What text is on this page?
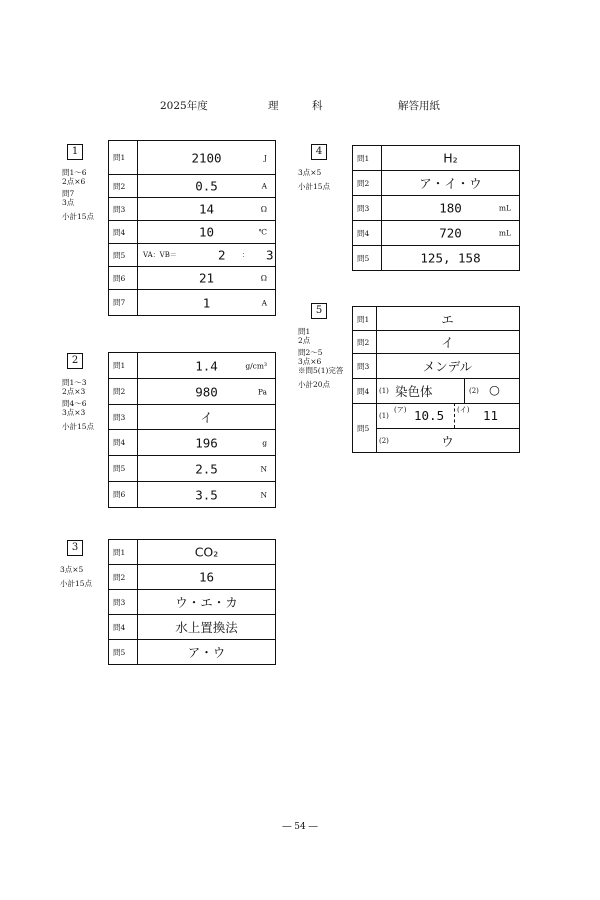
2025年度	理	科	解答用紙
1
問1～6
2点×6
問7
3点
小計15点
問1	2100 J

問2	0.5 A

問3	14 Ω

問4	10 ℃

問5	VA：VB＝ 2 ： 3

問6	21 Ω

問7	1 A
2
問1～3
2点×3
問4～6
3点×3
小計15点
問1	1.4 g/cm³

問2	980 Pa

問3	イ

問4	196 g

問5	2.5 N

問6	3.5 N
3
3点×5
小計15点
問1	CO₂

問2	16

問3	ウ・エ・カ

問4	水上置換法

問5	ア・ウ
4
3点×5
小計15点
問1	H₂

問2	ア・イ・ウ

問3	180 mL

問4	720 mL

問5	125, 158
5
問1
2点
問2～5
3点×6
※問5(1)完答
小計20点
問1	エ
問2	イ
問3	メンデル
問4 (1) 染色体	(2) ○
問5
(1)
(ア) 10.5 (イ) 11
(2)	ウ
― 54 ―
